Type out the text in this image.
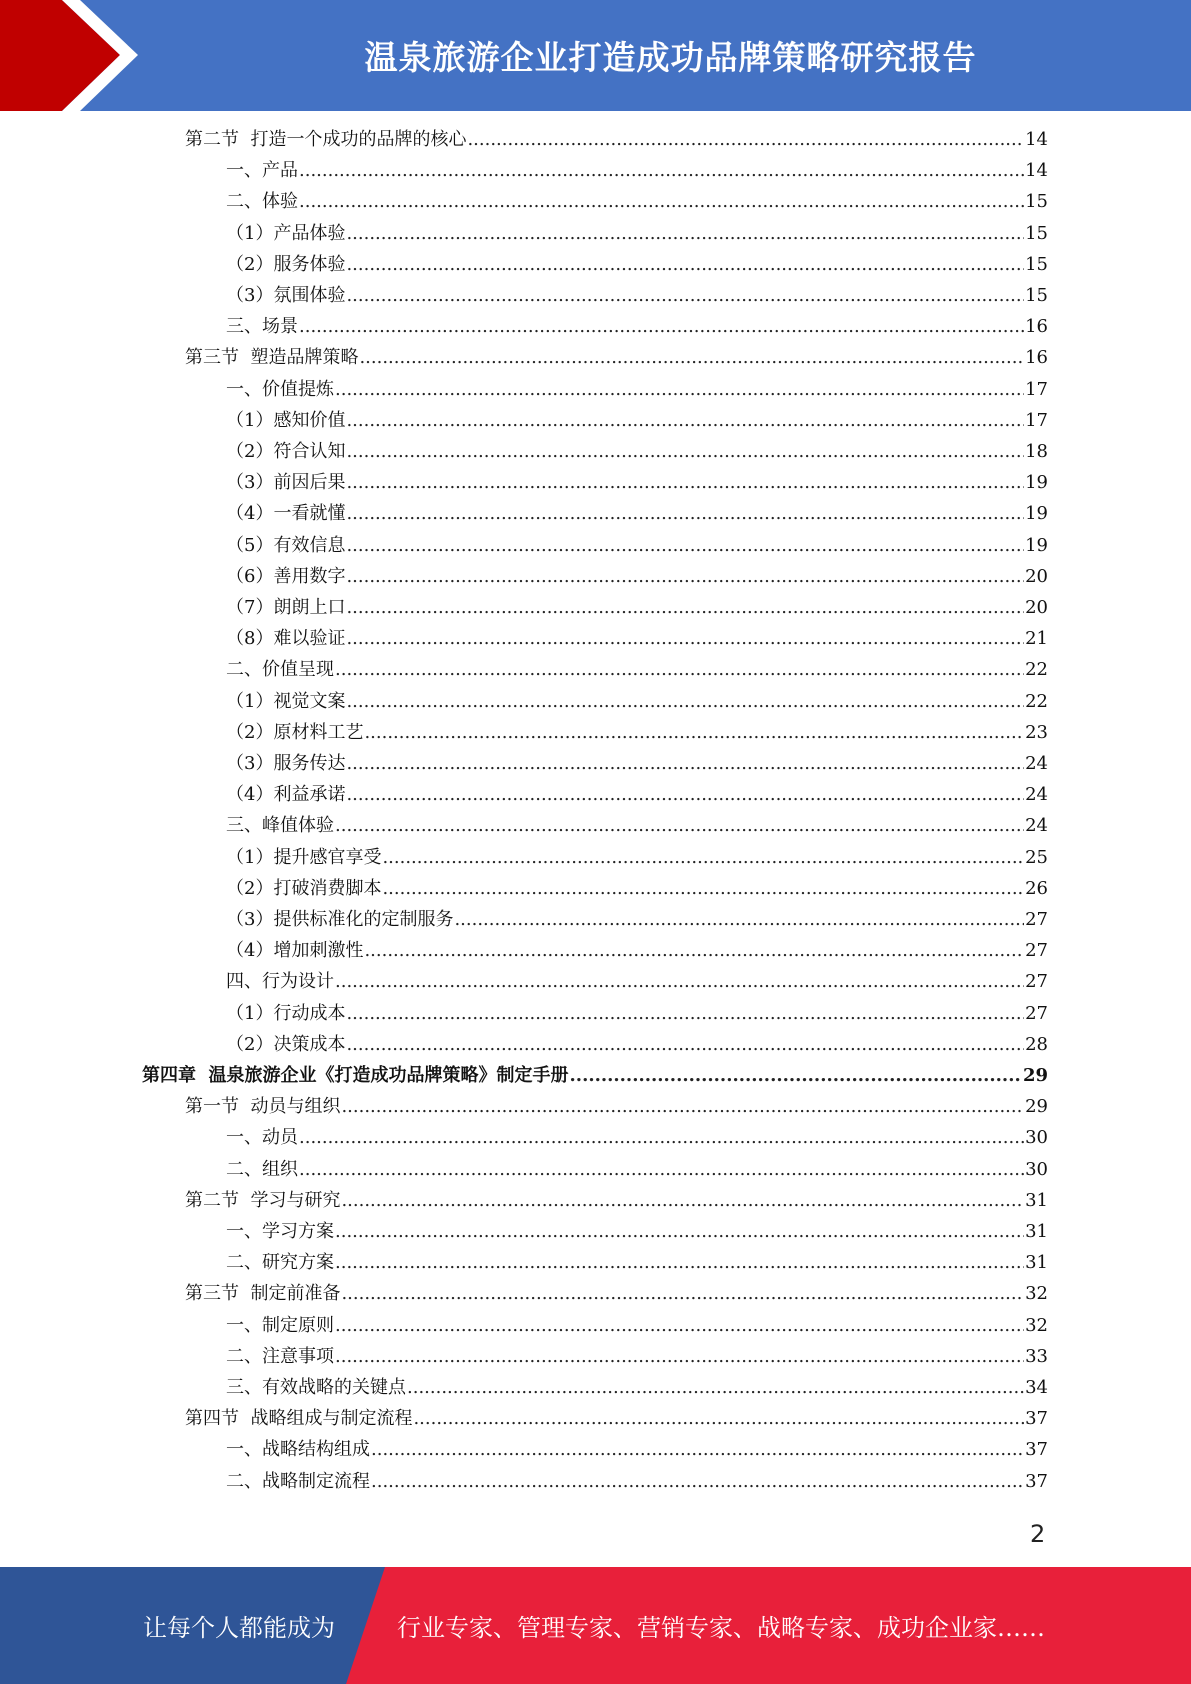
温泉旅游企业打造成功品牌策略研究报告
第二节  打造一个成功的品牌的核心 .....	14
一、产品 .....	14
二、体验 .....	15
（1）产品体验 .....	15
（2）服务体验 .....	15
（3）氛围体验 .....	15
三、场景 .....	16
第三节  塑造品牌策略 .....	16
一、价值提炼 .....	17
（1）感知价值 .....	17
（2）符合认知 .....	18
（3）前因后果 .....	19
（4）一看就懂 .....	19
（5）有效信息 .....	19
（6）善用数字 .....	20
（7）朗朗上口 .....	20
（8）难以验证 .....	21
二、价值呈现 .....	22
（1）视觉文案 .....	22
（2）原材料工艺 .....	23
（3）服务传达 .....	24
（4）利益承诺 .....	24
三、峰值体验 .....	24
（1）提升感官享受 .....	25
（2）打破消费脚本 .....	26
（3）提供标准化的定制服务 .....	27
（4）增加刺激性 .....	27
四、行为设计 .....	27
（1）行动成本 .....	27
（2）决策成本 .....	28
第四章  温泉旅游企业《打造成功品牌策略》制定手册 .....	29
第一节  动员与组织 .....	29
一、动员 .....	30
二、组织 .....	30
第二节  学习与研究 .....	31
一、学习方案 .....	31
二、研究方案 .....	31
第三节  制定前准备 .....	32
一、制定原则 .....	32
二、注意事项 .....	33
三、有效战略的关键点 .....	34
第四节  战略组成与制定流程 .....	37
一、战略结构组成 .....	37
二、战略制定流程 .....	37
2
让每个人都能成为	行业专家、管理专家、营销专家、战略专家、成功企业家……
